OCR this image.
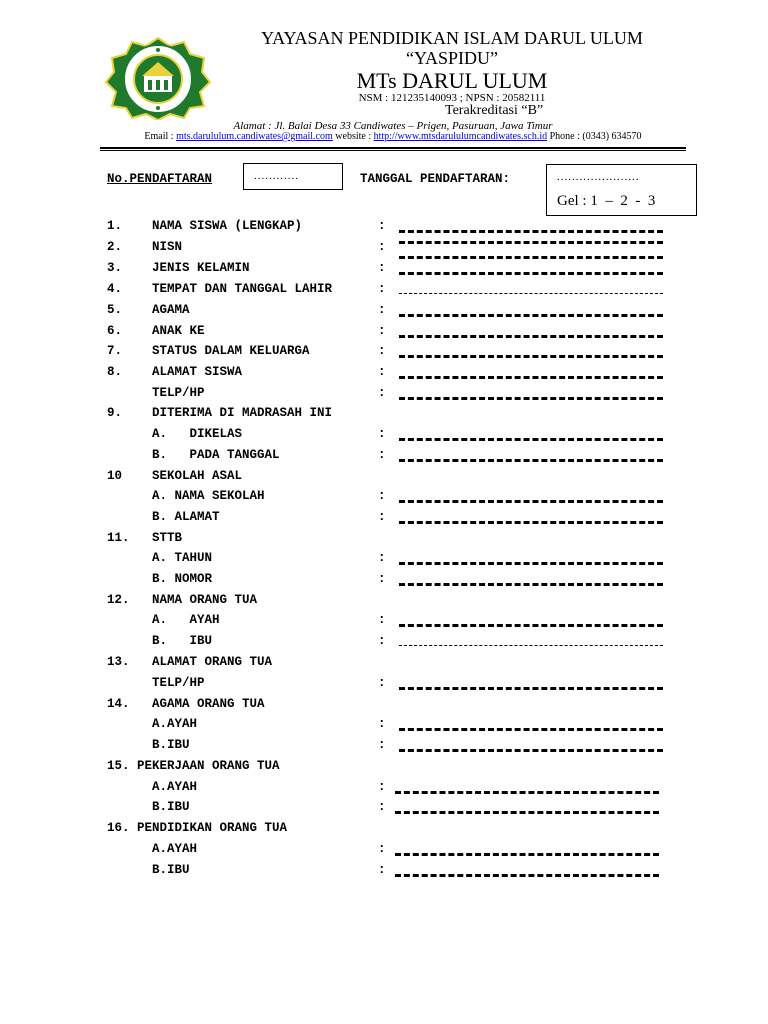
YAYASAN PENDIDIKAN ISLAM DARUL ULUM
“YASPIDU”
MTs DARUL ULUM
NSM : 121235140093 ; NPSN : 20582111
Terakreditasi “B”
Alamat : Jl. Balai Desa 33 Candiwates – Prigen, Pasuruan, Jawa Timur
Email : mts.darululum.candiwates@gmail.com website : http://www.mtsdarululumcandiwates.sch.id Phone : (0343) 634570
No.PENDAFTARAN	............	TANGGAL PENDAFTARAN:	......................
Gel : 1  –  2  -  3
1. NAMA SISWA (LENGKAP)	:
2. NISN	:
3. JENIS KELAMIN	:
4. TEMPAT DAN TANGGAL LAHIR	:
5. AGAMA	:
6. ANAK KE	:
7. STATUS DALAM KELUARGA	:
8. ALAMAT SISWA	:
TELP/HP	:
9. DITERIMA DI MADRASAH INI
A.   DIKELAS	:
B.   PADA TANGGAL	:
10 SEKOLAH ASAL
A. NAMA SEKOLAH	:
B. ALAMAT	:
11. STTB
A. TAHUN	:
B. NOMOR	:
12. NAMA ORANG TUA
A.   AYAH	:
B.   IBU	:
13. ALAMAT ORANG TUA
TELP/HP	:
14. AGAMA ORANG TUA
A.AYAH	:
B.IBU	:
15. PEKERJAAN ORANG TUA
A.AYAH	:
B.IBU	:
16. PENDIDIKAN ORANG TUA
A.AYAH	:
B.IBU	:
